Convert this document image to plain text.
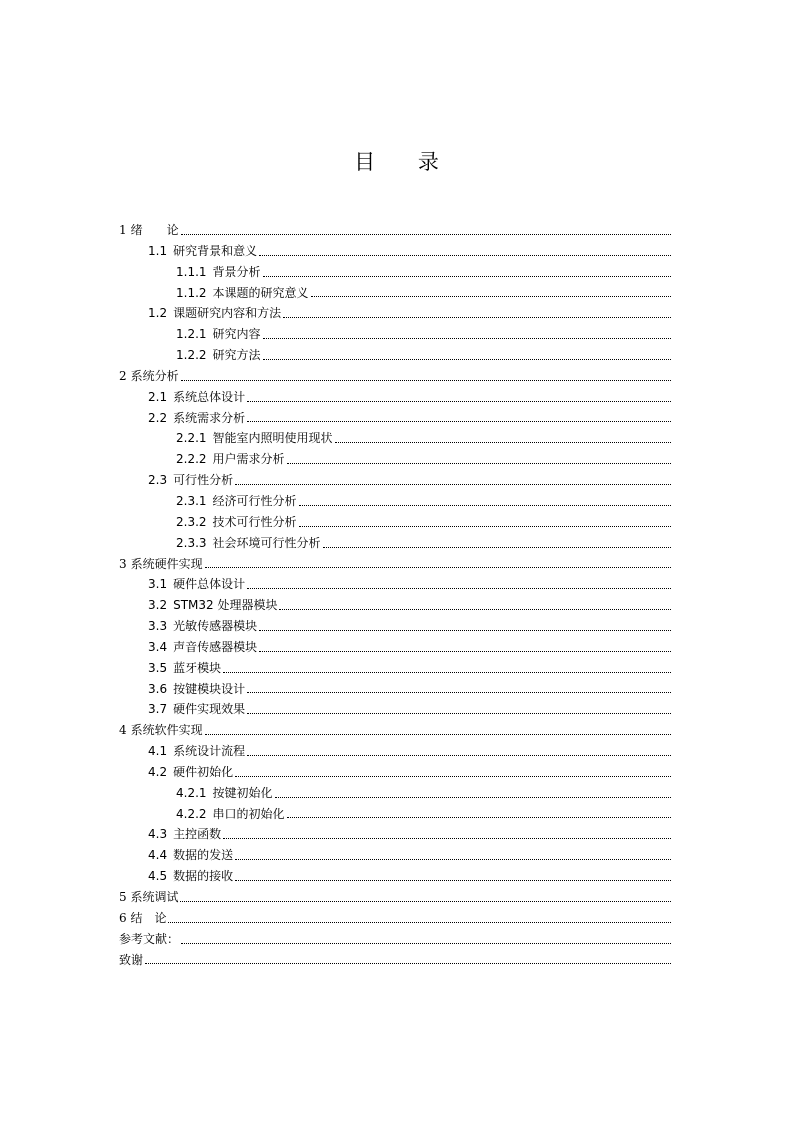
目 录
1 绪　　论
1.1 研究背景和意义
1.1.1 背景分析
1.1.2 本课题的研究意义
1.2 课题研究内容和方法
1.2.1 研究内容
1.2.2 研究方法
2 系统分析
2.1 系统总体设计
2.2 系统需求分析
2.2.1 智能室内照明使用现状
2.2.2 用户需求分析
2.3 可行性分析
2.3.1 经济可行性分析
2.3.2 技术可行性分析
2.3.3 社会环境可行性分析
3 系统硬件实现
3.1 硬件总体设计
3.2 STM32 处理器模块
3.3 光敏传感器模块
3.4 声音传感器模块
3.5 蓝牙模块
3.6 按键模块设计
3.7 硬件实现效果
4 系统软件实现
4.1 系统设计流程
4.2 硬件初始化
4.2.1 按键初始化
4.2.2 串口的初始化
4.3 主控函数
4.4 数据的发送
4.5 数据的接收
5 系统调试
6 结　论
参考文献：
致谢
